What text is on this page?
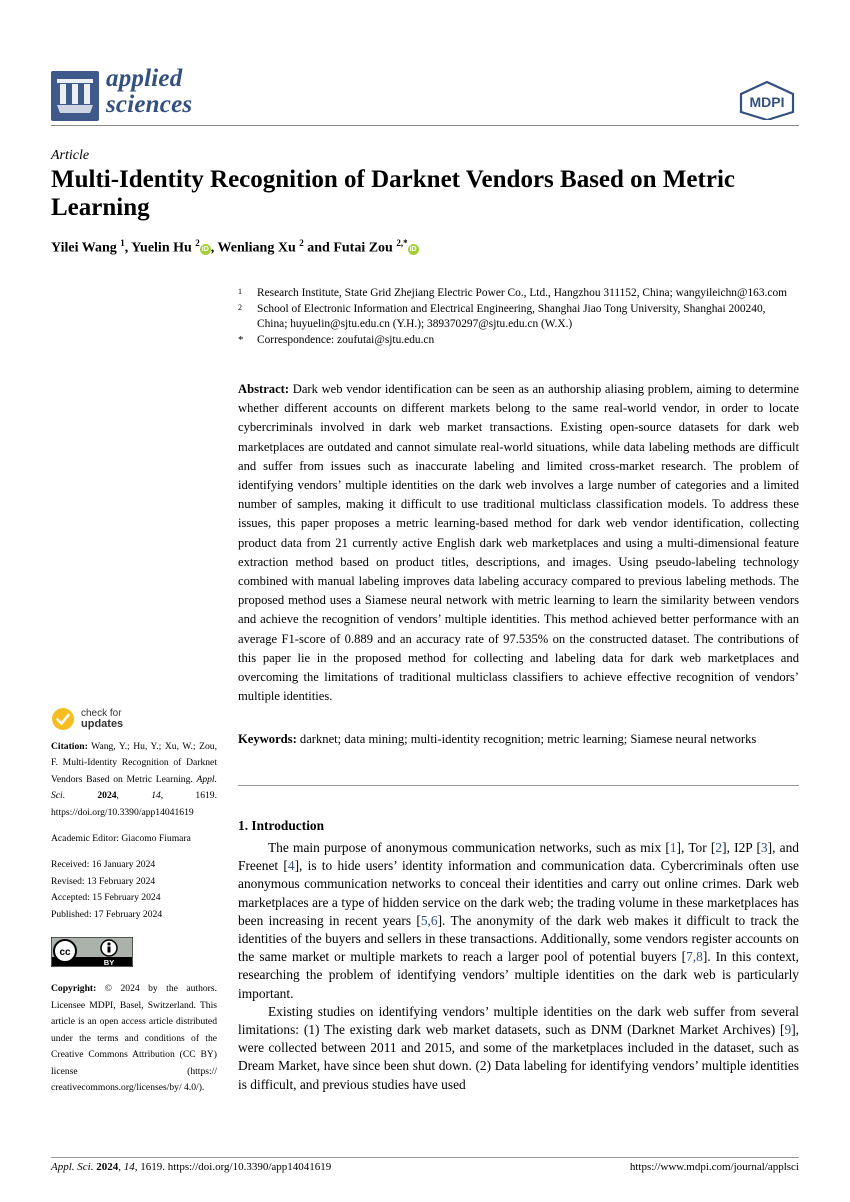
applied
sciences	MDPI
Article
Multi-Identity Recognition of Darknet Vendors Based on Metric Learning
Yilei Wang $^1$, Yuelin Hu $^2$iD , Wenliang Xu $^2$ and Futai Zou $^{2,*}$iD
1 Research Institute, State Grid Zhejiang Electric Power Co., Ltd., Hangzhou 311152, China; wangyileichn@163.com
2 School of Electronic Information and Electrical Engineering, Shanghai Jiao Tong University, Shanghai 200240, China; huyuelin@sjtu.edu.cn (Y.H.); 389370297@sjtu.edu.cn (W.X.)
* Correspondence: zoufutai@sjtu.edu.cn
Abstract: Dark web vendor identification can be seen as an authorship aliasing problem, aiming to determine whether different accounts on different markets belong to the same real-world vendor, in order to locate cybercriminals involved in dark web market transactions. Existing open-source datasets for dark web marketplaces are outdated and cannot simulate real-world situations, while data labeling methods are difficult and suffer from issues such as inaccurate labeling and limited cross-market research. The problem of identifying vendors’ multiple identities on the dark web involves a large number of categories and a limited number of samples, making it difficult to use traditional multiclass classification models. To address these issues, this paper proposes a metric learning-based method for dark web vendor identification, collecting product data from 21 currently active English dark web marketplaces and using a multi-dimensional feature extraction method based on product titles, descriptions, and images. Using pseudo-labeling technology combined with manual labeling improves data labeling accuracy compared to previous labeling methods. The proposed method uses a Siamese neural network with metric learning to learn the similarity between vendors and achieve the recognition of vendors’ multiple identities. This method achieved better performance with an average F1-score of 0.889 and an accuracy rate of 97.535% on the constructed dataset. The contributions of this paper lie in the proposed method for collecting and labeling data for dark web marketplaces and overcoming the limitations of traditional multiclass classifiers to achieve effective recognition of vendors’ multiple identities.
Keywords: darknet; data mining; multi-identity recognition; metric learning; Siamese neural networks
1. Introduction

The main purpose of anonymous communication networks, such as mix [1], Tor [2], I2P [3], and Freenet [4], is to hide users’ identity information and communication data. Cybercriminals often use anonymous communication networks to conceal their identities and carry out online crimes. Dark web marketplaces are a type of hidden service on the dark web; the trading volume in these marketplaces has been increasing in recent years [5,6]. The anonymity of the dark web makes it difficult to track the identities of the buyers and sellers in these transactions. Additionally, some vendors register accounts on the same market or multiple markets to reach a larger pool of potential buyers [7,8]. In this context, researching the problem of identifying vendors’ multiple identities on the dark web is particularly important.

Existing studies on identifying vendors’ multiple identities on the dark web suffer from several limitations: (1) The existing dark web market datasets, such as DNM (Darknet Market Archives) [9], were collected between 2011 and 2015, and some of the marketplaces included in the dataset, such as Dream Market, have since been shut down. (2) Data labeling for identifying vendors’ multiple identities is difficult, and previous studies have used

check for
updates
Citation: Wang, Y.; Hu, Y.; Xu, W.; Zou, F. Multi-Identity Recognition of Darknet Vendors Based on Metric Learning. Appl. Sci.	2024, 14, 1619. https://doi.org/10.3390/app14041619
Academic Editor: Giacomo Fiumara
Received: 16 January 2024
Revised: 13 February 2024
Accepted: 15 February 2024
Published: 17 February 2024
cc
BY
Copyright: © 2024 by the authors. Licensee MDPI, Basel, Switzerland. This article is an open access article distributed under the terms and conditions of the Creative Commons Attribution (CC BY) license (https:// creativecommons.org/licenses/by/ 4.0/).
Appl. Sci. 2024, 14, 1619. https://doi.org/10.3390/app14041619	https://www.mdpi.com/journal/applsci
